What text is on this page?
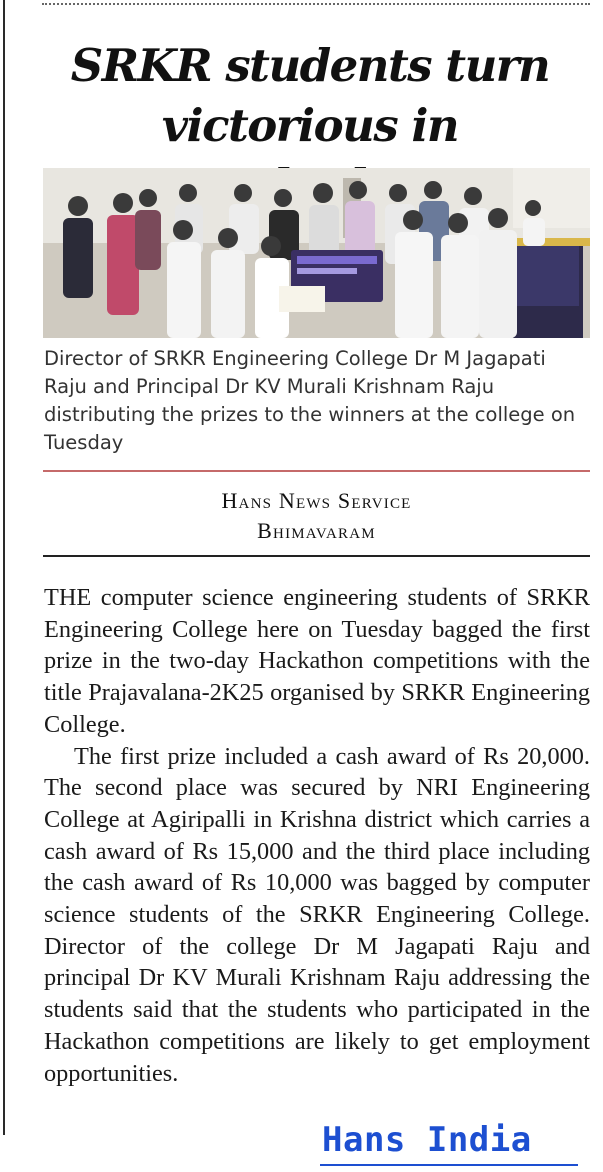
SRKR students turn
victorious in

Director of SRKR Engineering College Dr M Jagapati Raju and Principal Dr KV Murali Krishnam Raju distributing the prizes to the winners at the college on Tuesday

Hans News Service
Bhimavaram

THE computer science engineering students of SRKR Engineering College here on Tuesday bagged the first prize in the two-day Hackathon competitions with the title Prajavalana-2K25 organised by SRKR Engineering College.

The first prize included a cash award of Rs 20,000. The second place was secured by NRI Engineering College at Agiripalli in Krishna district which carries a cash award of Rs 15,000 and the third place including the cash award of Rs 10,000 was bagged by computer science students of the SRKR Engineering College. Director of the college Dr M Jagapati Raju and principal Dr KV Murali Krishnam Raju addressing the students said that the students who participated in the Hackathon competitions are likely to get employment opportunities.

Hans India
